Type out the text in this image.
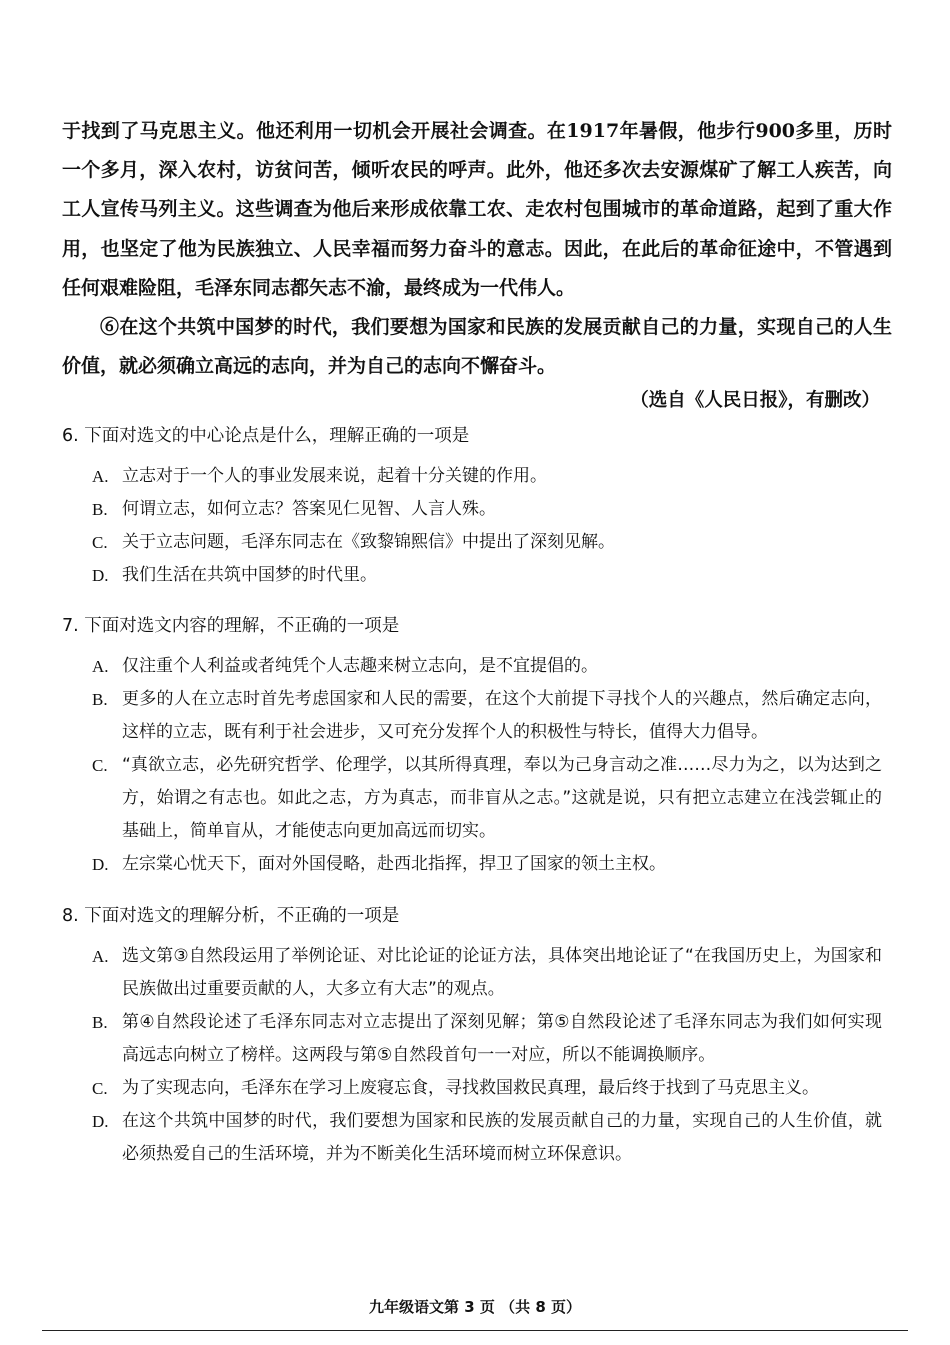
于找到了马克思主义。他还利用一切机会开展社会调查。在1917年暑假，他步行900多里，历时一个多月，深入农村，访贫问苦，倾听农民的呼声。此外，他还多次去安源煤矿了解工人疾苦，向工人宣传马列主义。这些调查为他后来形成依靠工农、走农村包围城市的革命道路，起到了重大作用，也坚定了他为民族独立、人民幸福而努力奋斗的意志。因此，在此后的革命征途中，不管遇到任何艰难险阻，毛泽东同志都矢志不渝，最终成为一代伟人。

⑥在这个共筑中国梦的时代，我们要想为国家和民族的发展贡献自己的力量，实现自己的人生价值，就必须确立高远的志向，并为自己的志向不懈奋斗。

（选自《人民日报》，有删改）
6. 下面对选文的中心论点是什么，理解正确的一项是
A. 立志对于一个人的事业发展来说，起着十分关键的作用。
B. 何谓立志，如何立志？答案见仁见智、人言人殊。
C. 关于立志问题，毛泽东同志在《致黎锦熙信》中提出了深刻见解。
D. 我们生活在共筑中国梦的时代里。
7. 下面对选文内容的理解，不正确的一项是
A. 仅注重个人利益或者纯凭个人志趣来树立志向，是不宜提倡的。
B. 更多的人在立志时首先考虑国家和人民的需要，在这个大前提下寻找个人的兴趣点，然后确定志向，这样的立志，既有利于社会进步，又可充分发挥个人的积极性与特长，值得大力倡导。
C. “真欲立志，必先研究哲学、伦理学，以其所得真理，奉以为己身言动之准……尽力为之，以为达到之方，始谓之有志也。如此之志，方为真志，而非盲从之志。”这就是说，只有把立志建立在浅尝辄止的基础上，简单盲从，才能使志向更加高远而切实。
D. 左宗棠心忧天下，面对外国侵略，赴西北指挥，捍卫了国家的领土主权。
8. 下面对选文的理解分析，不正确的一项是
A. 选文第③自然段运用了举例论证、对比论证的论证方法，具体突出地论证了“在我国历史上，为国家和民族做出过重要贡献的人，大多立有大志”的观点。
B. 第④自然段论述了毛泽东同志对立志提出了深刻见解；第⑤自然段论述了毛泽东同志为我们如何实现高远志向树立了榜样。这两段与第⑤自然段首句一一对应，所以不能调换顺序。
C. 为了实现志向，毛泽东在学习上废寝忘食，寻找救国救民真理，最后终于找到了马克思主义。
D. 在这个共筑中国梦的时代，我们要想为国家和民族的发展贡献自己的力量，实现自己的人生价值，就必须热爱自己的生活环境，并为不断美化生活环境而树立环保意识。
九年级语文第 3 页 （共 8 页）
